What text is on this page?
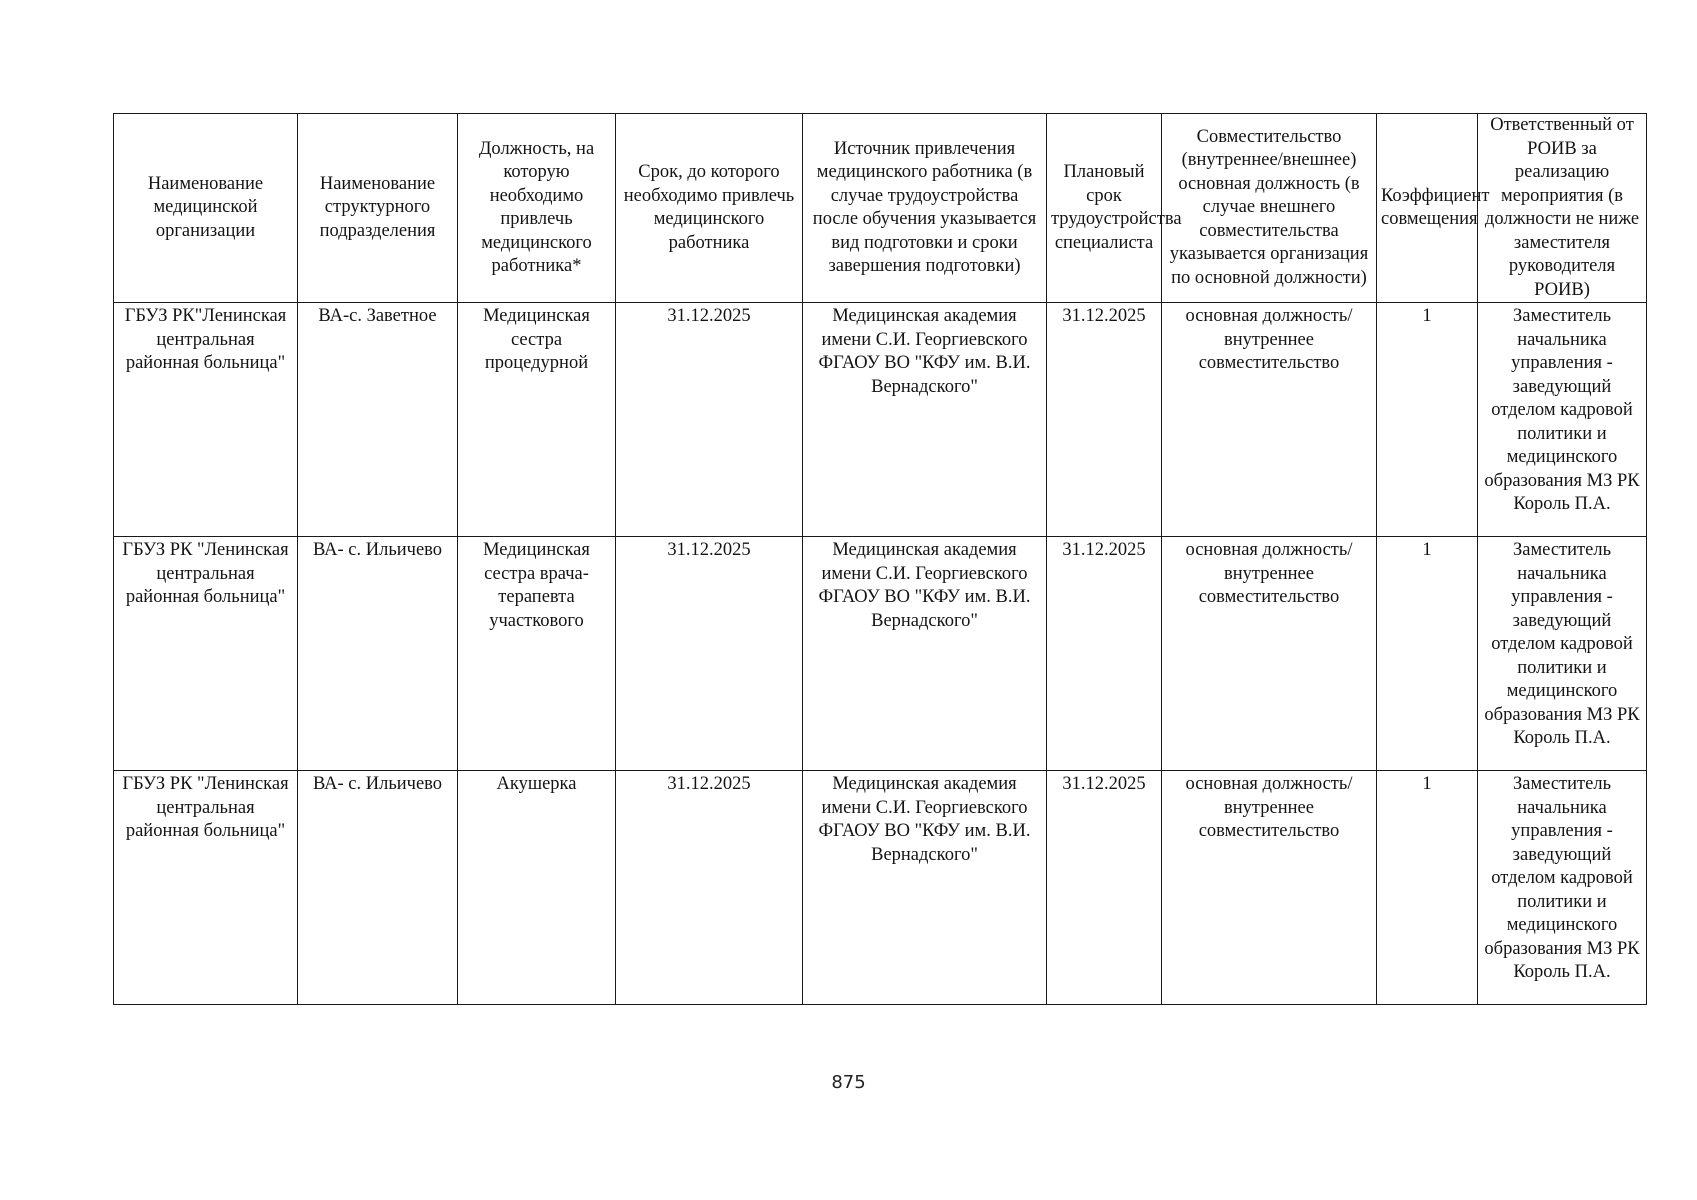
Наименование медицинской организации	Наименование структурного подразделения	Должность, на которую необходимо привлечь медицинского работника*	Срок, до которого необходимо привлечь медицинского работника	Источник привлечения медицинского работника (в случае трудоустройства после обучения указывается вид подготовки и сроки завершения подготовки)	Плановый срок трудоустройства специалиста	Совместительство (внутреннее/внешнее) основная должность (в случае внешнего совместительства указывается организация по основной должности)	Коэффициент совмещения	Ответственный от РОИВ за реализацию мероприятия (в должности не ниже заместителя руководителя РОИВ)
ГБУЗ РК"Ленинская центральная районная больница"	ВА-с. Заветное	Медицинская сестра процедурной	31.12.2025	Медицинская академия имени С.И. Георгиевского ФГАОУ ВО "КФУ им. В.И. Вернадского"	31.12.2025	основная должность/ внутреннее совместительство	1	Заместитель начальника управления - заведующий отделом кадровой политики и медицинского образования МЗ РК Король П.А.
ГБУЗ РК "Ленинская центральная районная больница"	ВА- с. Ильичево	Медицинская сестра врача-терапевта участкового	31.12.2025	Медицинская академия имени С.И. Георгиевского ФГАОУ ВО "КФУ им. В.И. Вернадского"	31.12.2025	основная должность/ внутреннее совместительство	1	Заместитель начальника управления - заведующий отделом кадровой политики и медицинского образования МЗ РК Король П.А.
ГБУЗ РК "Ленинская центральная районная больница"	ВА- с. Ильичево	Акушерка	31.12.2025	Медицинская академия имени С.И. Георгиевского ФГАОУ ВО "КФУ им. В.И. Вернадского"	31.12.2025	основная должность/ внутреннее совместительство	1	Заместитель начальника управления - заведующий отделом кадровой политики и медицинского образования МЗ РК Король П.А.
875
